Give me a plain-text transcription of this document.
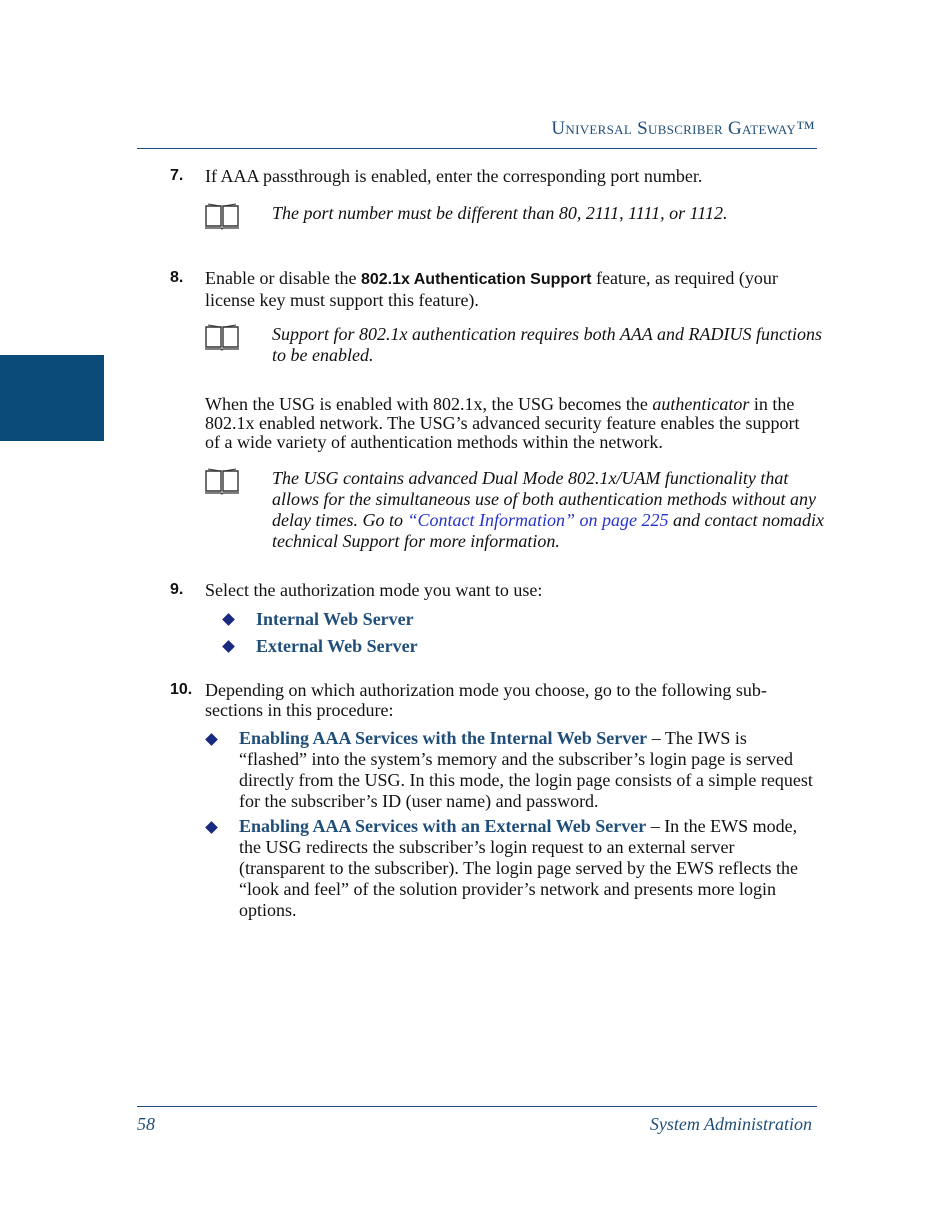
Universal Subscriber Gateway™
7. If AAA passthrough is enabled, enter the corresponding port number.
The port number must be different than 80, 2111, 1111, or 1112.
8. Enable or disable the 802.1x Authentication Support feature, as required (your license key must support this feature).
Support for 802.1x authentication requires both AAA and RADIUS functions to be enabled.
When the USG is enabled with 802.1x, the USG becomes the authenticator in the 802.1x enabled network. The USG’s advanced security feature enables the support of a wide variety of authentication methods within the network.
The USG contains advanced Dual Mode 802.1x/UAM functionality that allows for the simultaneous use of both authentication methods without any delay times. Go to “Contact Information” on page 225 and contact nomadix technical Support for more information.
9. Select the authorization mode you want to use:
Internal Web Server
External Web Server
10. Depending on which authorization mode you choose, go to the following sub-sections in this procedure:
Enabling AAA Services with the Internal Web Server – The IWS is “flashed” into the system’s memory and the subscriber’s login page is served directly from the USG. In this mode, the login page consists of a simple request for the subscriber’s ID (user name) and password.
Enabling AAA Services with an External Web Server – In the EWS mode, the USG redirects the subscriber’s login request to an external server (transparent to the subscriber). The login page served by the EWS reflects the “look and feel” of the solution provider’s network and presents more login options.
58	System Administration
